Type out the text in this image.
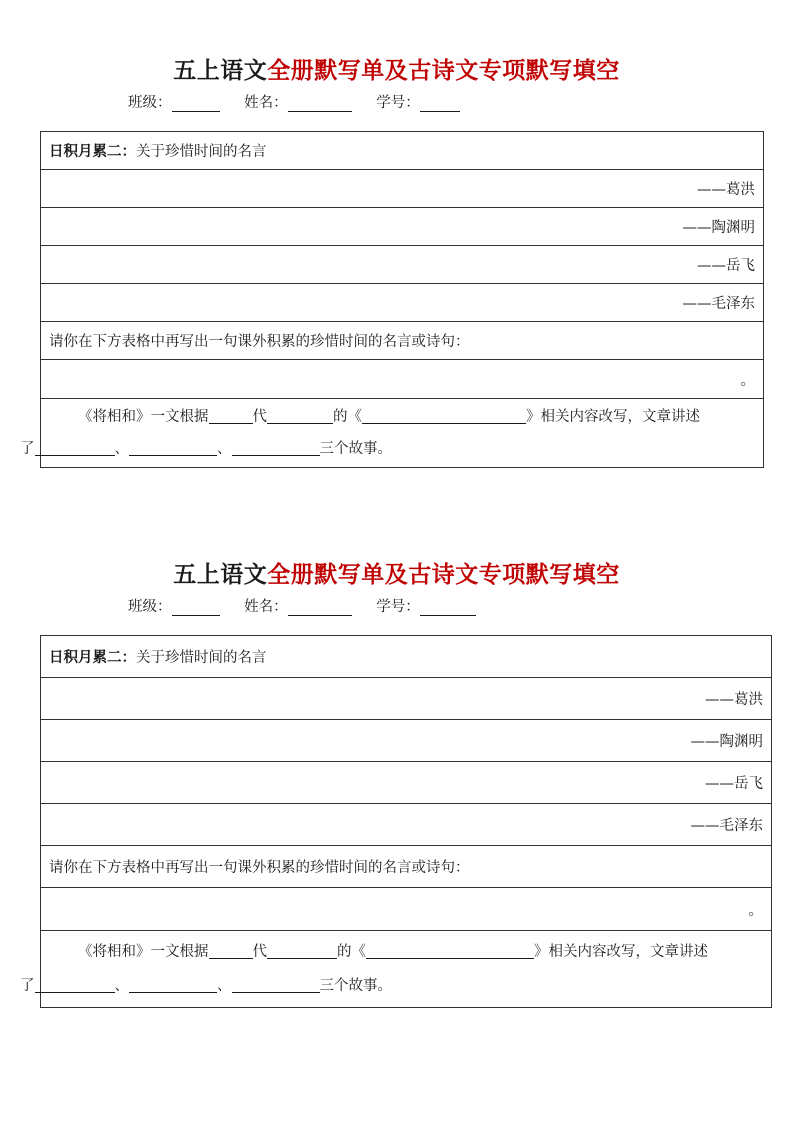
五上语文全册默写单及古诗文专项默写填空
班级：	姓名：	学号：
日积月累二：关于珍惜时间的名言
——葛洪
——陶渊明
——岳飞
——毛泽东
请你在下方表格中再写出一句课外积累的珍惜时间的名言或诗句：
。
《将相和》一文根据	代	的《	》相关内容改写，文章讲述
了	、	、	三个故事。
五上语文全册默写单及古诗文专项默写填空
班级：	姓名：	学号：
日积月累二：关于珍惜时间的名言
——葛洪
——陶渊明
——岳飞
——毛泽东
请你在下方表格中再写出一句课外积累的珍惜时间的名言或诗句：
。
《将相和》一文根据	代	的《	》相关内容改写，文章讲述
了	、	、	三个故事。
